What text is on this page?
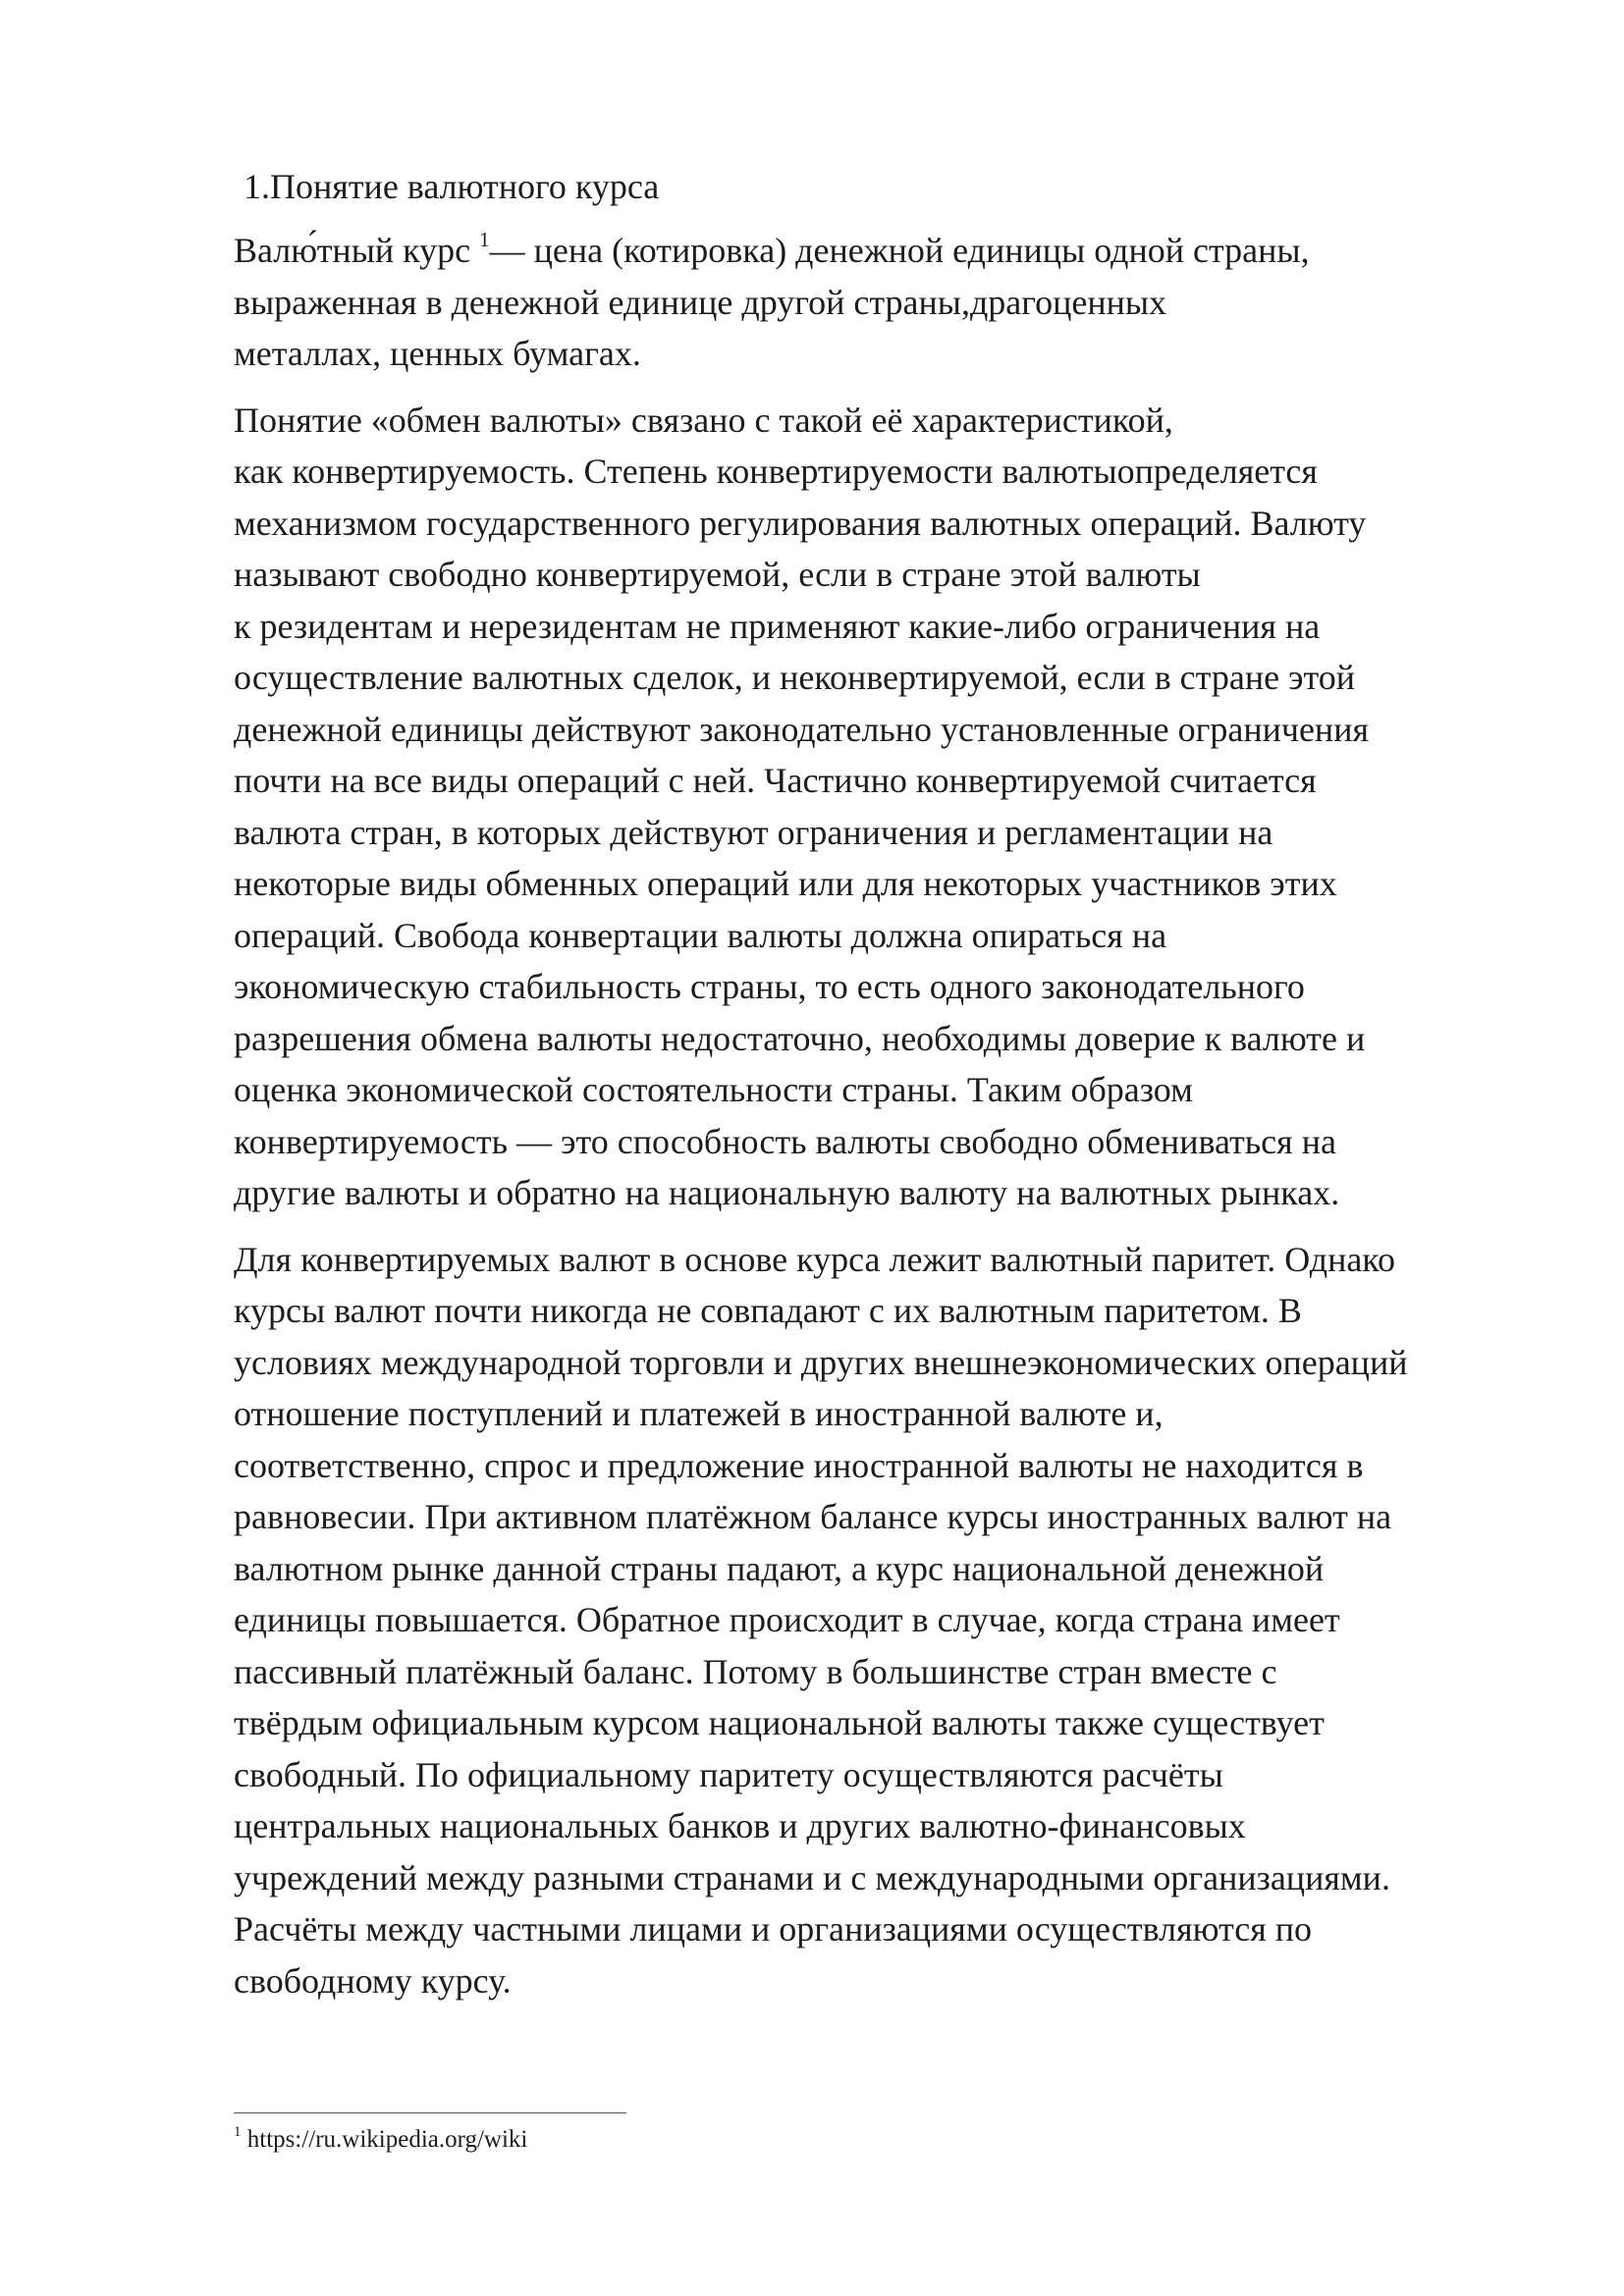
1.Понятие валютного курса
Валю́тный курс $^1$— цена (котировка) денежной единицы одной страны,
выраженная в денежной единице другой страны,драгоценных
металлах, ценных бумагах.
Понятие «обмен валюты» связано с такой её характеристикой,
как конвертируемость. Степень конвертируемости валютыопределяется
механизмом государственного регулирования валютных операций. Валюту
называют свободно конвертируемой, если в стране этой валюты
к резидентам и нерезидентам не применяют какие-либо ограничения на
осуществление валютных сделок, и неконвертируемой, если в стране этой
денежной единицы действуют законодательно установленные ограничения
почти на все виды операций с ней. Частично конвертируемой считается
валюта стран, в которых действуют ограничения и регламентации на
некоторые виды обменных операций или для некоторых участников этих
операций. Свобода конвертации валюты должна опираться на
экономическую стабильность страны, то есть одного законодательного
разрешения обмена валюты недостаточно, необходимы доверие к валюте и
оценка экономической состоятельности страны. Таким образом
конвертируемость — это способность валюты свободно обмениваться на
другие валюты и обратно на национальную валюту на валютных рынках.
Для конвертируемых валют в основе курса лежит валютный паритет. Однако
курсы валют почти никогда не совпадают с их валютным паритетом. В
условиях международной торговли и других внешнеэкономических операций
отношение поступлений и платежей в иностранной валюте и,
соответственно, спрос и предложение иностранной валюты не находится в
равновесии. При активном платёжном балансе курсы иностранных валют на
валютном рынке данной страны падают, а курс национальной денежной
единицы повышается. Обратное происходит в случае, когда страна имеет
пассивный платёжный баланс. Потому в большинстве стран вместе с
твёрдым официальным курсом национальной валюты также существует
свободный. По официальному паритету осуществляются расчёты
центральных национальных банков и других валютно-финансовых
учреждений между разными странами и с международными организациями.
Расчёты между частными лицами и организациями осуществляются по
свободному курсу.
$^1$ https://ru.wikipedia.org/wiki
